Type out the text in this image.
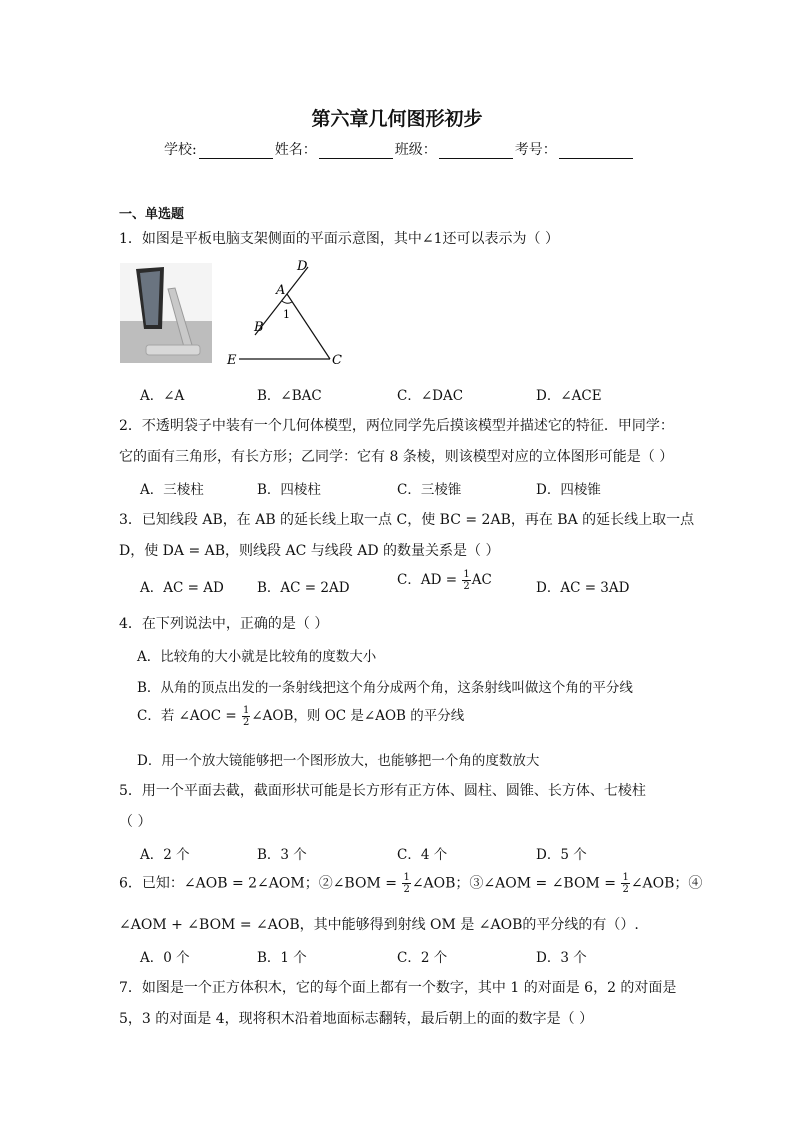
第六章几何图形初步
学校:	姓名：	班级：	考号：
一、单选题
1．如图是平板电脑支架侧面的平面示意图，其中∠1还可以表示为（ ）
D
A
B
1
E	C
A．∠A	B．∠BAC	C．∠DAC	D．∠ACE
2．不透明袋子中装有一个几何体模型，两位同学先后摸该模型并描述它的特征．甲同学：
它的面有三角形，有长方形；乙同学：它有 8 条棱，则该模型对应的立体图形可能是（ ）
A．三棱柱	B．四棱柱	C．三棱锥	D．四棱锥
3．已知线段 AB，在 AB 的延长线上取一点 C，使 BC = 2AB，再在 BA 的延长线上取一点
D，使 DA = AB，则线段 AC 与线段 AD 的数量关系是（ ）
A．AC = AD B．AC = 2AD	C．AD = $\frac{1}{2}$ AC	D．AC = 3AD
4．在下列说法中，正确的是（ ）
A．比较角的大小就是比较角的度数大小
B．从角的顶点出发的一条射线把这个角分成两个角，这条射线叫做这个角的平分线
C．若 ∠AOC = $\frac{1}{2}$ ∠AOB，则 OC 是∠AOB 的平分线
D．用一个放大镜能够把一个图形放大，也能够把一个角的度数放大
5．用一个平面去截，截面形状可能是长方形有正方体、圆柱、圆锥、长方体、七棱柱
（ ）
A．2 个	B．3 个	C．4 个	D．5 个
6．已知：∠AOB = 2∠AOM；②∠BOM = $\frac{1}{2}$ ∠AOB；③∠AOM = ∠BOM = $\frac{1}{2}$ ∠AOB；④
∠AOM + ∠BOM = ∠AOB，其中能够得到射线 OM 是 ∠AOB的平分线的有（）.
A．0 个	B．1 个	C．2 个	D．3 个
7．如图是一个正方体积木，它的每个面上都有一个数字，其中 1 的对面是 6，2 的对面是
5，3 的对面是 4，现将积木沿着地面标志翻转，最后朝上的面的数字是（ ）
